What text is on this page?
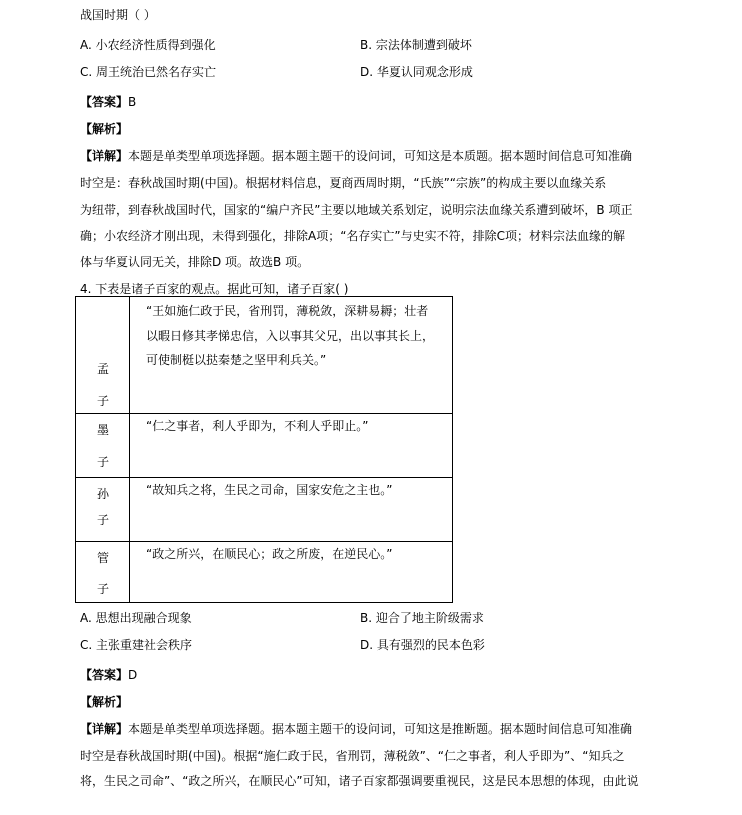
战国时期（ ）
A. 小农经济性质得到强化	B. 宗法体制遭到破坏
C. 周王统治已然名存实亡	D. 华夏认同观念形成
【答案】B
【解析】
【详解】本题是单类型单项选择题。据本题主题干的设问词，可知这是本质题。据本题时间信息可知准确
时空是：春秋战国时期(中国)。根据材料信息，夏商西周时期，“氏族”“宗族”的构成主要以血缘关系
为纽带，到春秋战国时代，国家的“编户齐民”主要以地域关系划定，说明宗法血缘关系遭到破坏，B 项正
确；小农经济才刚出现，未得到强化，排除A项；“名存实亡”与史实不符，排除C项；材料宗法血缘的解
体与华夏认同无关，排除D 项。故选B 项。
4. 下表是诸子百家的观点。据此可知，诸子百家( )
孟
子
“王如施仁政于民，省刑罚，薄税敛，深耕易耨；壮者
以暇日修其孝悌忠信，入以事其父兄，出以事其长上，
可使制梃以挞秦楚之坚甲利兵关。”
墨
子
“仁之事者，利人乎即为，不利人乎即止。”
孙
子
“故知兵之将，生民之司命，国家安危之主也。”
管
子
“政之所兴，在顺民心；政之所废，在逆民心。”
A. 思想出现融合现象	B. 迎合了地主阶级需求
C. 主张重建社会秩序	D. 具有强烈的民本色彩
【答案】D
【解析】
【详解】本题是单类型单项选择题。据本题主题干的设问词，可知这是推断题。据本题时间信息可知准确
时空是春秋战国时期(中国)。根据“施仁政于民，省刑罚，薄税敛”、“仁之事者，利人乎即为”、“知兵之
将，生民之司命”、“政之所兴，在顺民心”可知，诸子百家都强调要重视民，这是民本思想的体现，由此说
